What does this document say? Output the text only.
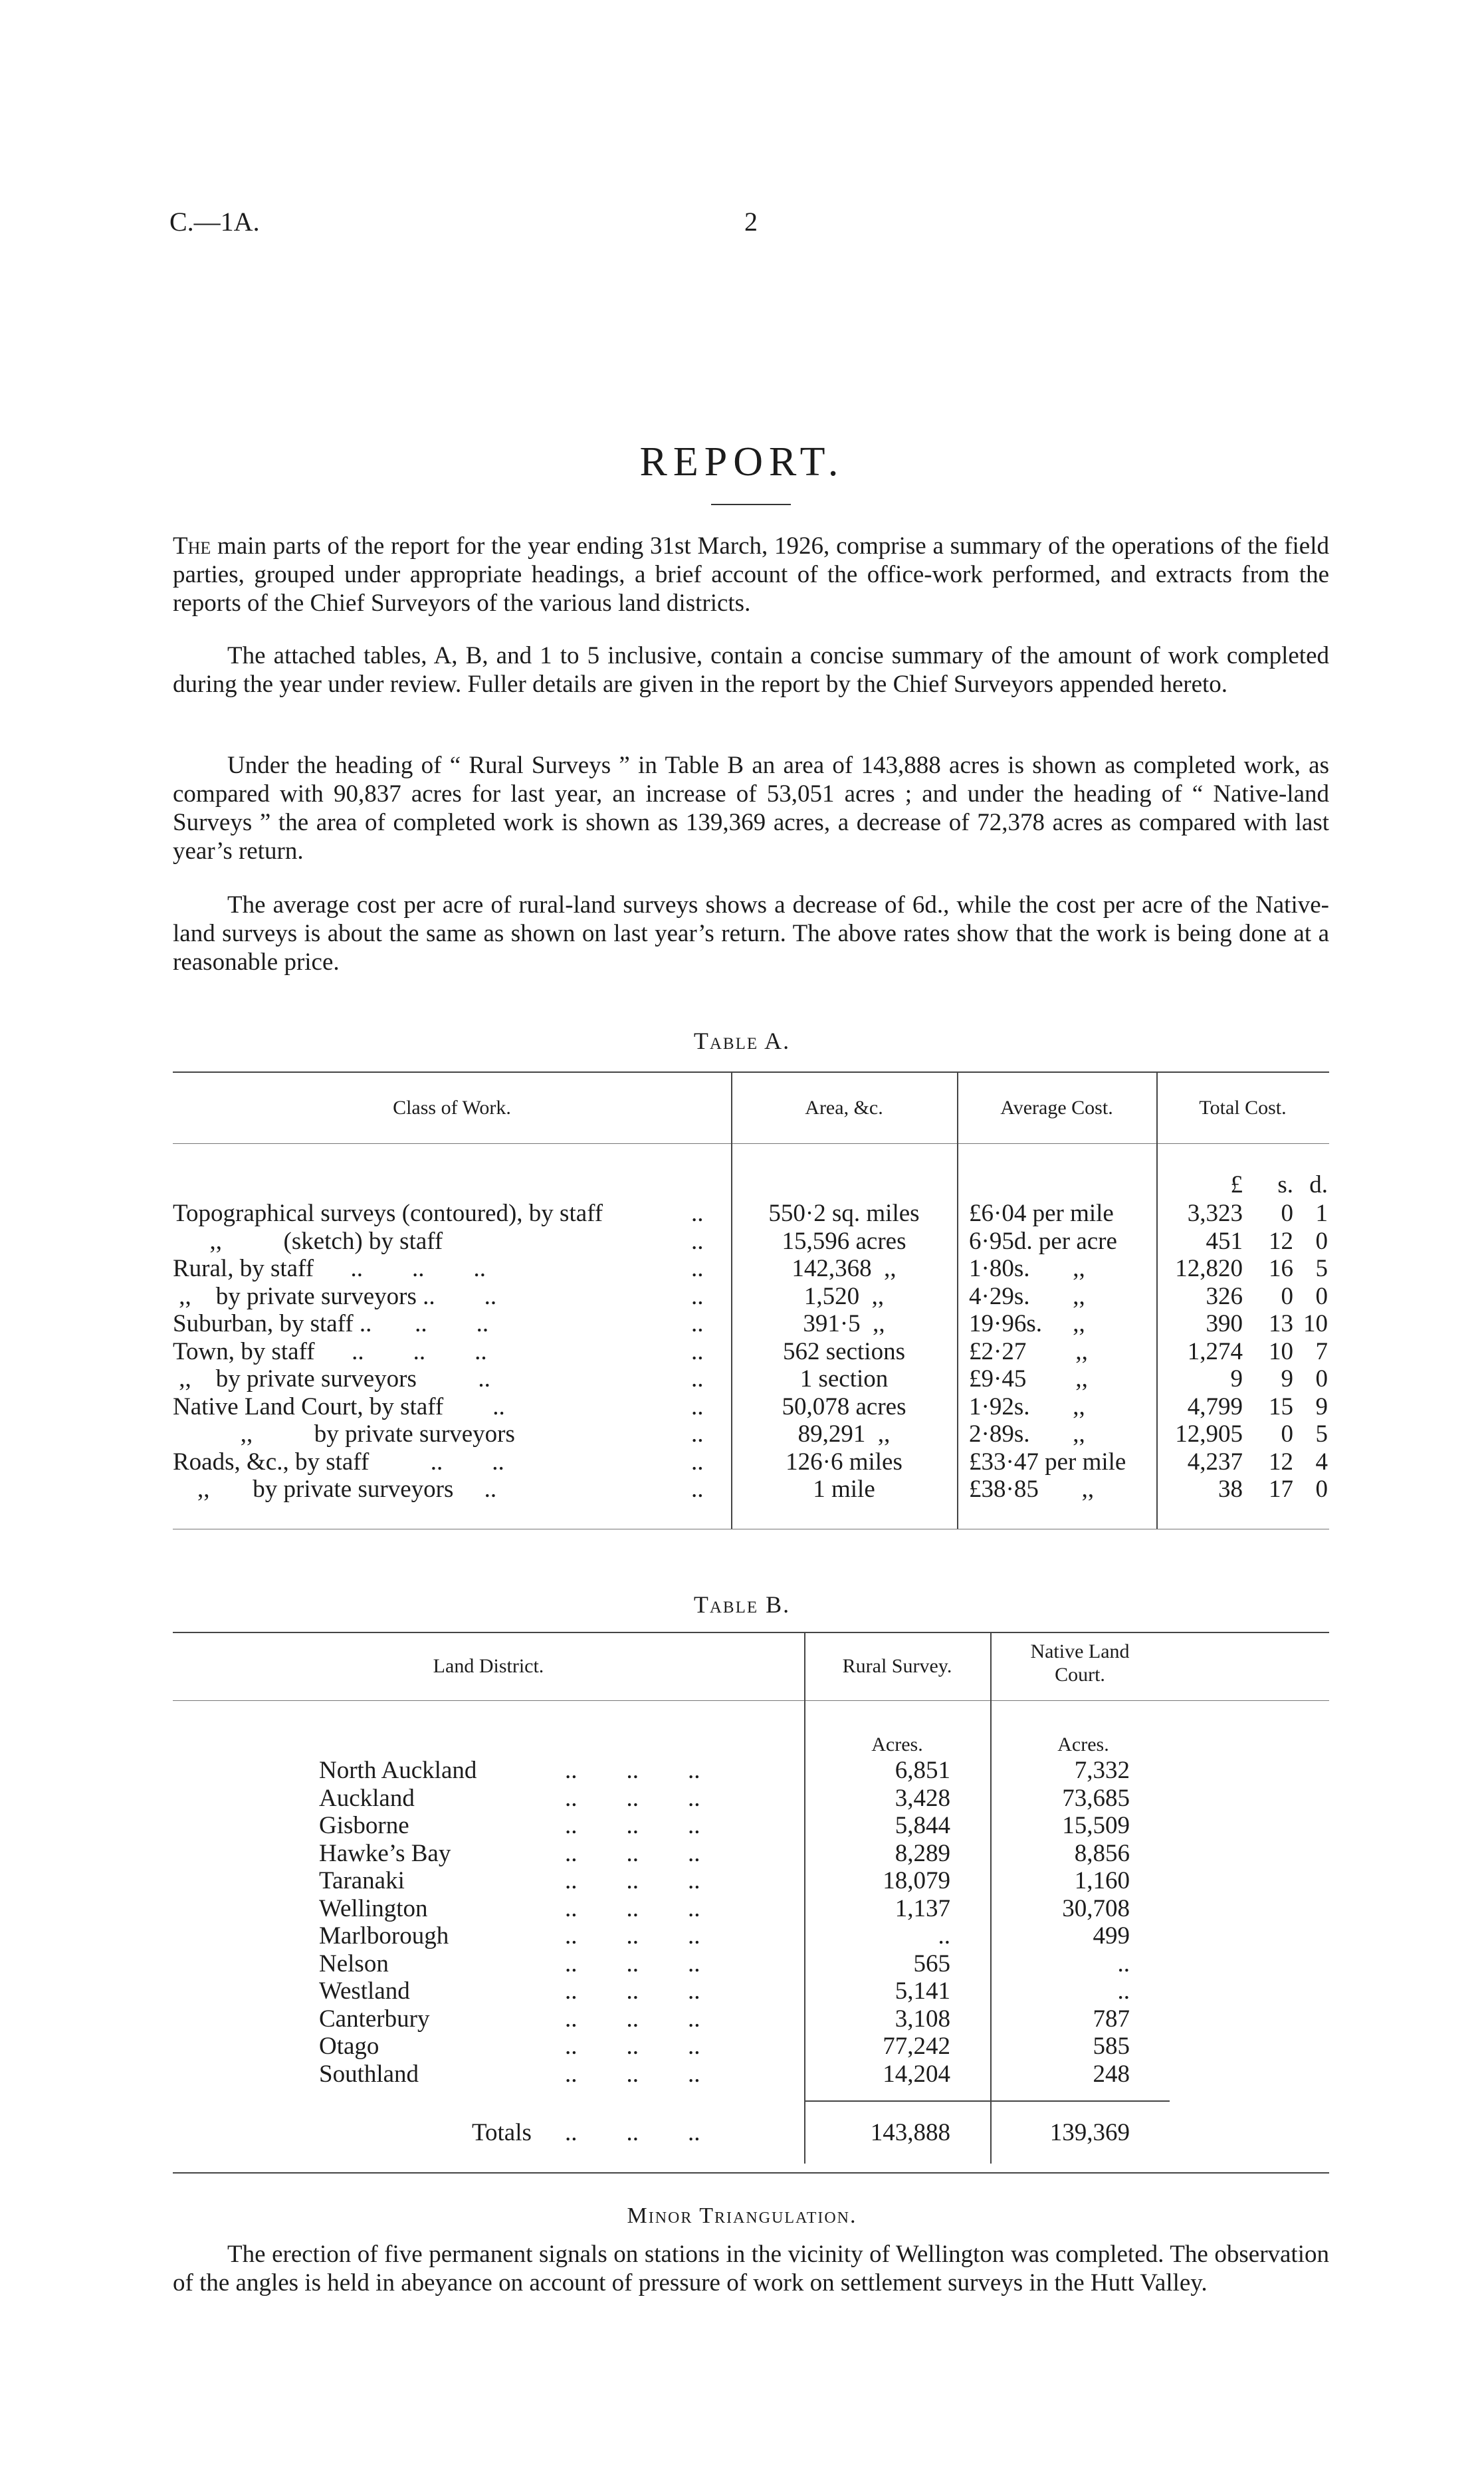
C.—1A.	2
REPORT.

The main parts of the report for the year ending 31st March, 1926, comprise a summary of the operations of the field parties, grouped under appropriate headings, a brief account of the office-work performed, and extracts from the reports of the Chief Surveyors of the various land districts.

The attached tables, A, B, and 1 to 5 inclusive, contain a concise summary of the amount of work completed during the year under review. Fuller details are given in the report by the Chief Surveyors appended hereto.

Under the heading of “ Rural Surveys ” in Table B an area of 143,888 acres is shown as completed work, as compared with 90,837 acres for last year, an increase of 53,051 acres ; and under the heading of “ Native-land Surveys ” the area of completed work is shown as 139,369 acres, a decrease of 72,378 acres as compared with last year’s return.

The average cost per acre of rural-land surveys shows a decrease of 6d., while the cost per acre of the Native-land surveys is about the same as shown on last year’s return. The above rates show that the work is being done at a reasonable price.

Table A.
Class of Work.	Area, &c.	Average Cost.	Total Cost.
£	s. d.
Topographical surveys (contoured), by staff	..	550·2 sq. miles	£6·04 per mile	3,323	0 1
,,          (sketch) by staff	..	15,596 acres	6·95d. per acre	451	12 0
Rural, by staff      ..        ..        ..	..	142,368  ,,	1·80s.       ,,	12,820	16 5
,,    by private surveyors ..        ..	..	1,520  ,,	4·29s.       ,,	326	0 0
Suburban, by staff ..       ..        ..	..	391·5  ,,	19·96s.     ,,	390	13 10
Town, by staff      ..        ..        ..	..	562 sections	£2·27        ,,	1,274	10 7
,,    by private surveyors          ..	..	1 section	£9·45        ,,	9	9 0
Native Land Court, by staff        ..	..	50,078 acres	1·92s.       ,,	4,799	15 9
,,          by private surveyors	..	89,291  ,,	2·89s.       ,,	12,905	0 5
Roads, &c., by staff          ..        ..	..	126·6 miles	£33·47 per mile	4,237	12 4
,,       by private surveyors     ..	..	1 mile	£38·85       ,,	38	17 0
Table B.
Land District.	Rural Survey.
Native Land
Court.
Acres.	Acres.
North Auckland	..        ..        ..	6,851	7,332
Auckland	..        ..        ..	3,428	73,685
Gisborne	..        ..        ..	5,844	15,509
Hawke’s Bay	..        ..        ..	8,289	8,856
Taranaki	..        ..        ..	18,079	1,160
Wellington	..        ..        ..	1,137	30,708
Marlborough	..        ..        ..	..	499
Nelson	..        ..        ..	565	..
Westland	..        ..        ..	5,141	..
Canterbury	..        ..        ..	3,108	787
Otago	..        ..        ..	77,242	585
Southland	..        ..        ..	14,204	248
Totals ..        ..        ..	143,888	139,369
Minor Triangulation.

The erection of five permanent signals on stations in the vicinity of Wellington was completed. The observation of the angles is held in abeyance on account of pressure of work on settlement surveys in the Hutt Valley.
